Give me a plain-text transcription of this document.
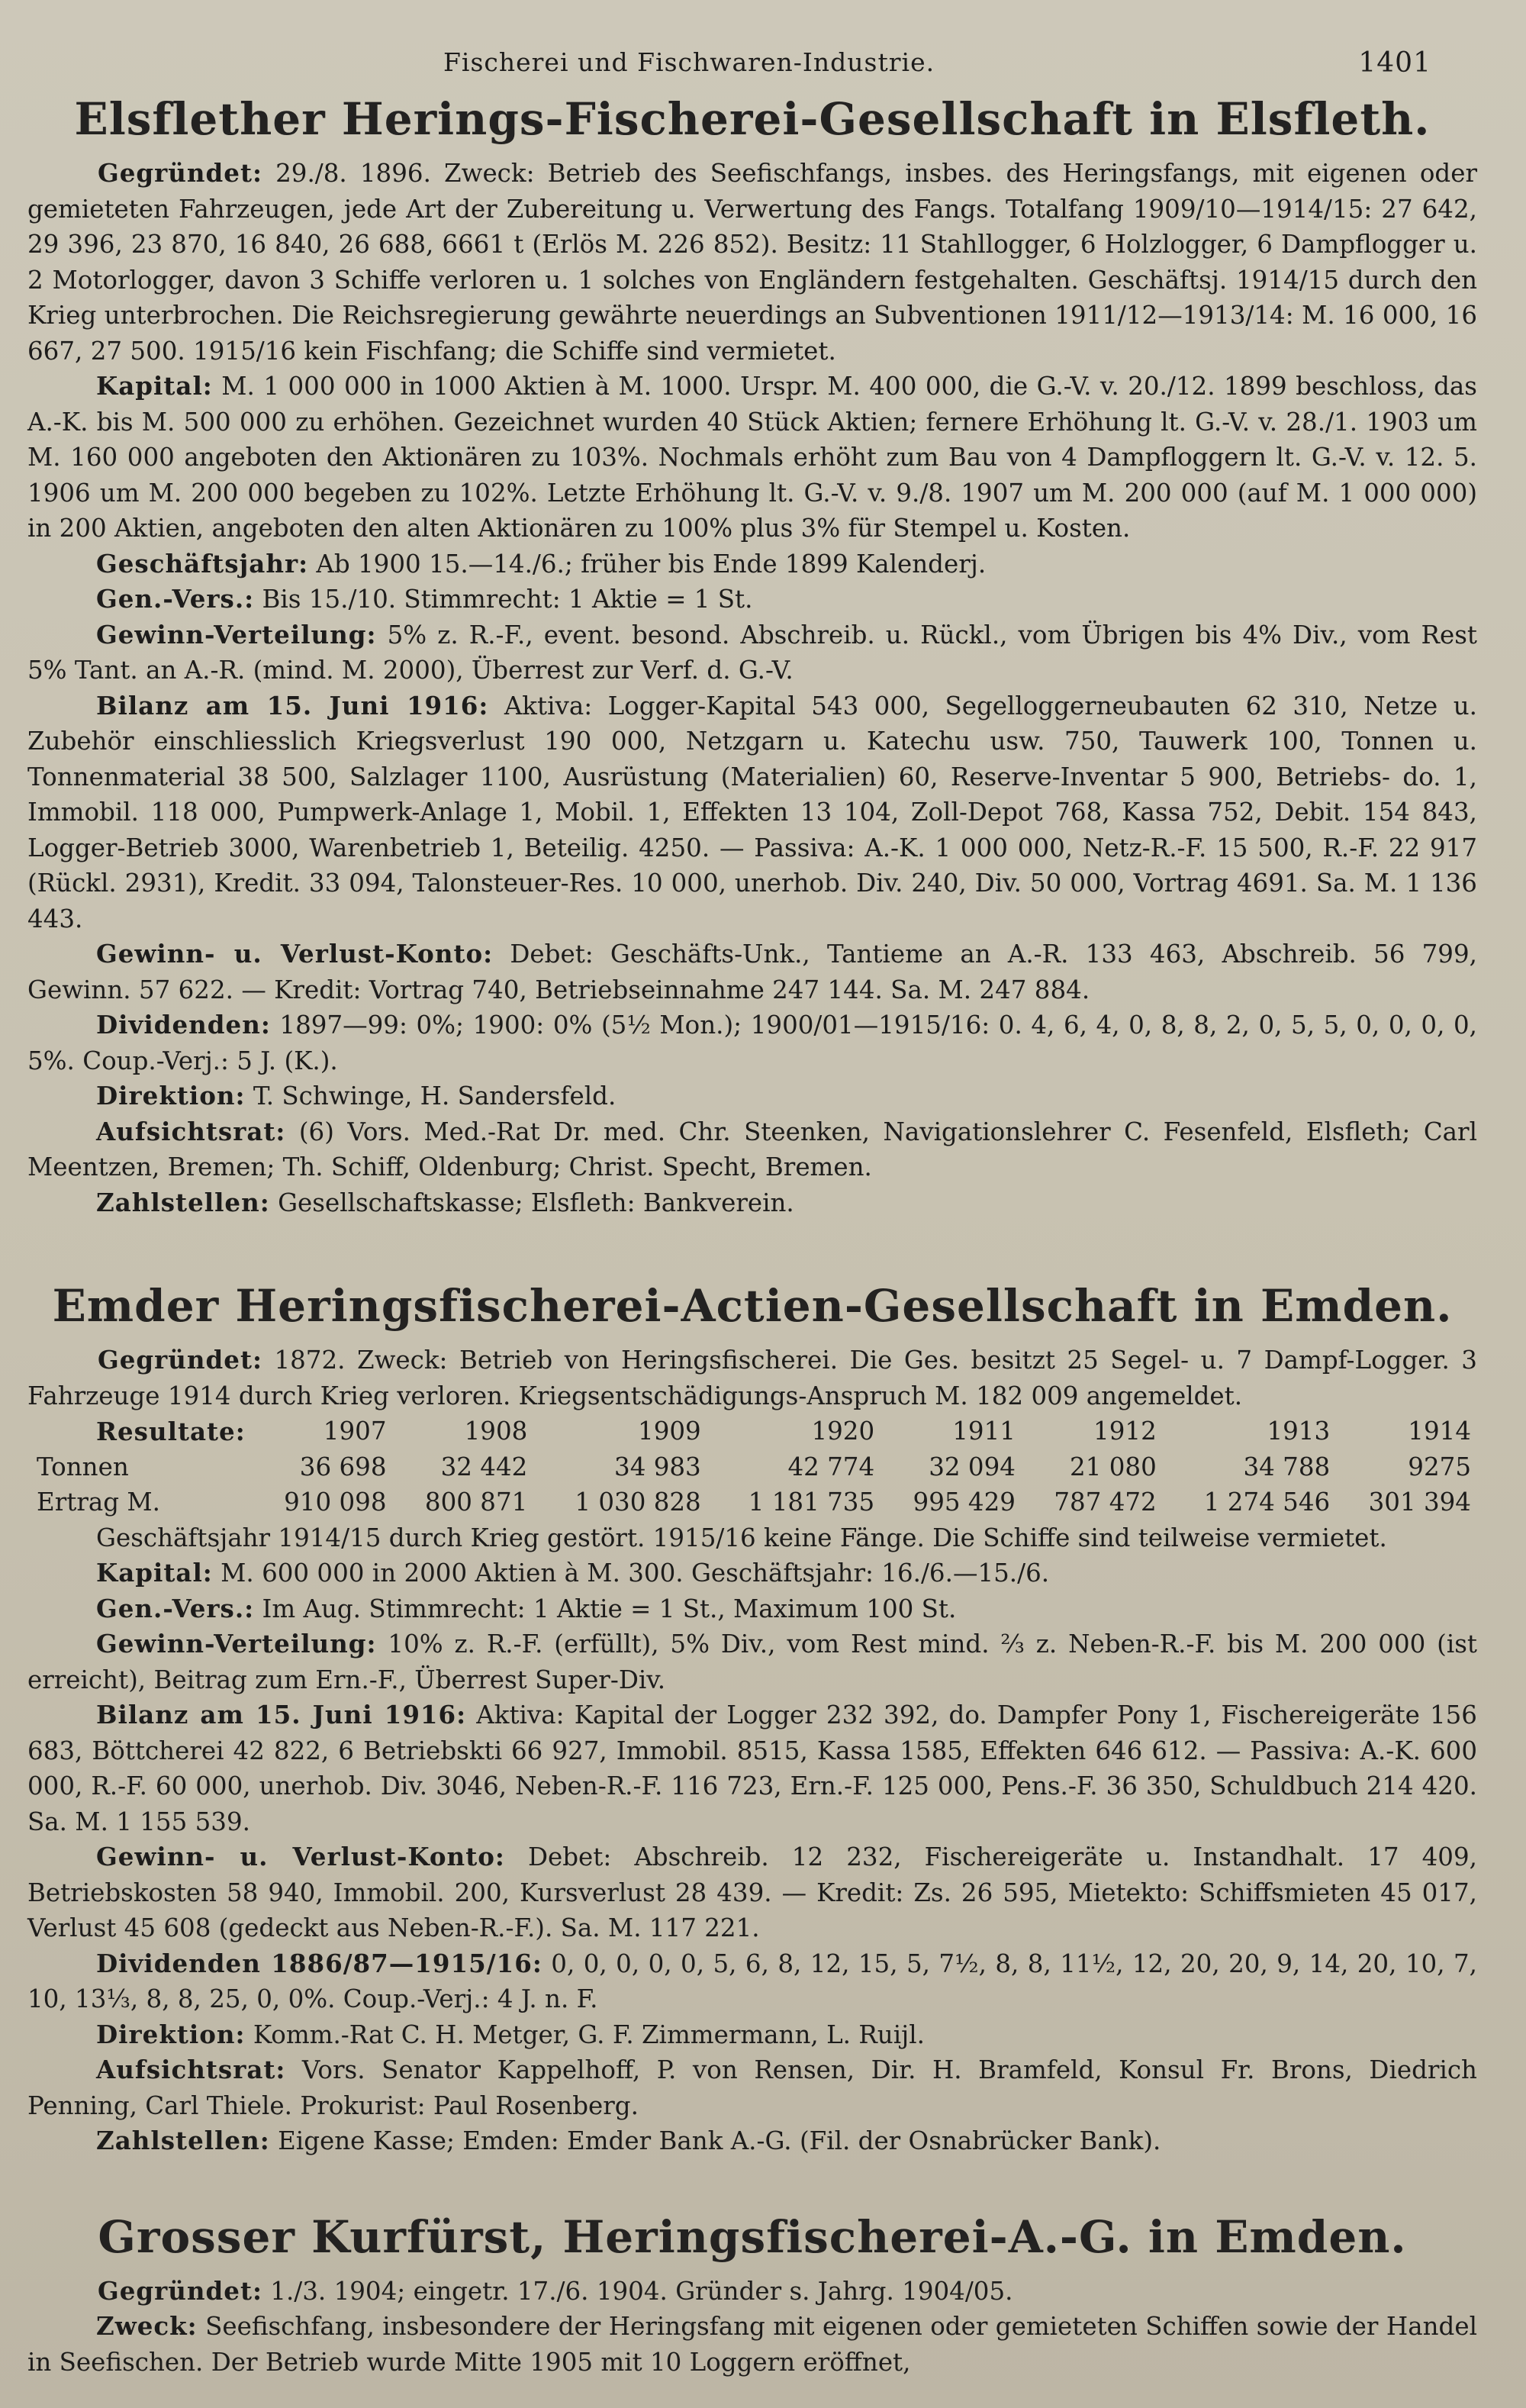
Fischerei und Fischwaren-Industrie.	1401
Elsflether Herings-Fischerei-Gesellschaft in Elsfleth.

Gegründet: 29./8. 1896. Zweck: Betrieb des Seefischfangs, insbes. des Heringsfangs, mit eigenen oder gemieteten Fahrzeugen, jede Art der Zubereitung u. Verwertung des Fangs. Totalfang 1909/10—1914/15: 27 642, 29 396, 23 870, 16 840, 26 688, 6661 t (Erlös M. 226 852). Besitz: 11 Stahllogger, 6 Holzlogger, 6 Dampflogger u. 2 Motorlogger, davon 3 Schiffe verloren u. 1 solches von Engländern festgehalten. Geschäftsj. 1914/15 durch den Krieg unterbrochen. Die Reichsregierung gewährte neuerdings an Subventionen 1911/12—1913/14: M. 16 000, 16 667, 27 500. 1915/16 kein Fischfang; die Schiffe sind vermietet.

Kapital: M. 1 000 000 in 1000 Aktien à M. 1000. Urspr. M. 400 000, die G.-V. v. 20./12. 1899 beschloss, das A.-K. bis M. 500 000 zu erhöhen. Gezeichnet wurden 40 Stück Aktien; fernere Erhöhung lt. G.-V. v. 28./1. 1903 um M. 160 000 angeboten den Aktionären zu 103%. Nochmals erhöht zum Bau von 4 Dampfloggern lt. G.-V. v. 12. 5. 1906 um M. 200 000 begeben zu 102%. Letzte Erhöhung lt. G.-V. v. 9./8. 1907 um M. 200 000 (auf M. 1 000 000) in 200 Aktien, angeboten den alten Aktionären zu 100% plus 3% für Stempel u. Kosten.

Geschäftsjahr: Ab 1900 15.—14./6.; früher bis Ende 1899 Kalenderj.

Gen.-Vers.: Bis 15./10. Stimmrecht: 1 Aktie = 1 St.

Gewinn-Verteilung: 5% z. R.-F., event. besond. Abschreib. u. Rückl., vom Übrigen bis 4% Div., vom Rest 5% Tant. an A.-R. (mind. M. 2000), Überrest zur Verf. d. G.-V.

Bilanz am 15. Juni 1916: Aktiva: Logger-Kapital 543 000, Segelloggerneubauten 62 310, Netze u. Zubehör einschliesslich Kriegsverlust 190 000, Netzgarn u. Katechu usw. 750, Tauwerk 100, Tonnen u. Tonnenmaterial 38 500, Salzlager 1100, Ausrüstung (Materialien) 60, Reserve-Inventar 5 900, Betriebs- do. 1, Immobil. 118 000, Pumpwerk-Anlage 1, Mobil. 1, Effekten 13 104, Zoll-Depot 768, Kassa 752, Debit. 154 843, Logger-Betrieb 3000, Warenbetrieb 1, Beteilig. 4250. — Passiva: A.-K. 1 000 000, Netz-R.-F. 15 500, R.-F. 22 917 (Rückl. 2931), Kredit. 33 094, Talonsteuer-Res. 10 000, unerhob. Div. 240, Div. 50 000, Vortrag 4691. Sa. M. 1 136 443.

Gewinn- u. Verlust-Konto: Debet: Geschäfts-Unk., Tantieme an A.-R. 133 463, Abschreib. 56 799, Gewinn. 57 622. — Kredit: Vortrag 740, Betriebseinnahme 247 144. Sa. M. 247 884.

Dividenden: 1897—99: 0%; 1900: 0% (5½ Mon.); 1900/01—1915/16: 0. 4, 6, 4, 0, 8, 8, 2, 0, 5, 5, 0, 0, 0, 0, 5%. Coup.-Verj.: 5 J. (K.).

Direktion: T. Schwinge, H. Sandersfeld.

Aufsichtsrat: (6) Vors. Med.-Rat Dr. med. Chr. Steenken, Navigationslehrer C. Fesenfeld, Elsfleth; Carl Meentzen, Bremen; Th. Schiff, Oldenburg; Christ. Specht, Bremen.

Zahlstellen: Gesellschaftskasse; Elsfleth: Bankverein.

Emder Heringsfischerei-Actien-Gesellschaft in Emden.

Gegründet: 1872. Zweck: Betrieb von Heringsfischerei. Die Ges. besitzt 25 Segel- u. 7 Dampf-Logger. 3 Fahrzeuge 1914 durch Krieg verloren. Kriegsentschädigungs-Anspruch M. 182 009 angemeldet.

Resultate:	1907	1908	1909	1920	1911	1912	1913	1914
Tonnen	36 698	32 442	34 983	42 774	32 094	21 080	34 788	9275
Ertrag M.	910 098	800 871	1 030 828	1 181 735	995 429	787 472	1 274 546	301 394

Geschäftsjahr 1914/15 durch Krieg gestört. 1915/16 keine Fänge. Die Schiffe sind teilweise vermietet.

Kapital: M. 600 000 in 2000 Aktien à M. 300. Geschäftsjahr: 16./6.—15./6.

Gen.-Vers.: Im Aug. Stimmrecht: 1 Aktie = 1 St., Maximum 100 St.

Gewinn-Verteilung: 10% z. R.-F. (erfüllt), 5% Div., vom Rest mind. ⅔ z. Neben-R.-F. bis M. 200 000 (ist erreicht), Beitrag zum Ern.-F., Überrest Super-Div.

Bilanz am 15. Juni 1916: Aktiva: Kapital der Logger 232 392, do. Dampfer Pony 1, Fischereigeräte 156 683, Böttcherei 42 822, 6 Betriebskti 66 927, Immobil. 8515, Kassa 1585, Effekten 646 612. — Passiva: A.-K. 600 000, R.-F. 60 000, unerhob. Div. 3046, Neben-R.-F. 116 723, Ern.-F. 125 000, Pens.-F. 36 350, Schuldbuch 214 420. Sa. M. 1 155 539.

Gewinn- u. Verlust-Konto: Debet: Abschreib. 12 232, Fischereigeräte u. Instandhalt. 17 409, Betriebskosten 58 940, Immobil. 200, Kursverlust 28 439. — Kredit: Zs. 26 595, Mietekto: Schiffsmieten 45 017, Verlust 45 608 (gedeckt aus Neben-R.-F.). Sa. M. 117 221.

Dividenden 1886/87—1915/16: 0, 0, 0, 0, 0, 5, 6, 8, 12, 15, 5, 7½, 8, 8, 11½, 12, 20, 20, 9, 14, 20, 10, 7, 10, 13⅓, 8, 8, 25, 0, 0%. Coup.-Verj.: 4 J. n. F.

Direktion: Komm.-Rat C. H. Metger, G. F. Zimmermann, L. Ruijl.

Aufsichtsrat: Vors. Senator Kappelhoff, P. von Rensen, Dir. H. Bramfeld, Konsul Fr. Brons, Diedrich Penning, Carl Thiele. Prokurist: Paul Rosenberg.

Zahlstellen: Eigene Kasse; Emden: Emder Bank A.-G. (Fil. der Osnabrücker Bank).

Grosser Kurfürst, Heringsfischerei-A.-G. in Emden.

Gegründet: 1./3. 1904; eingetr. 17./6. 1904. Gründer s. Jahrg. 1904/05.

Zweck: Seefischfang, insbesondere der Heringsfang mit eigenen oder gemieteten Schiffen sowie der Handel in Seefischen. Der Betrieb wurde Mitte 1905 mit 10 Loggern eröffnet,
